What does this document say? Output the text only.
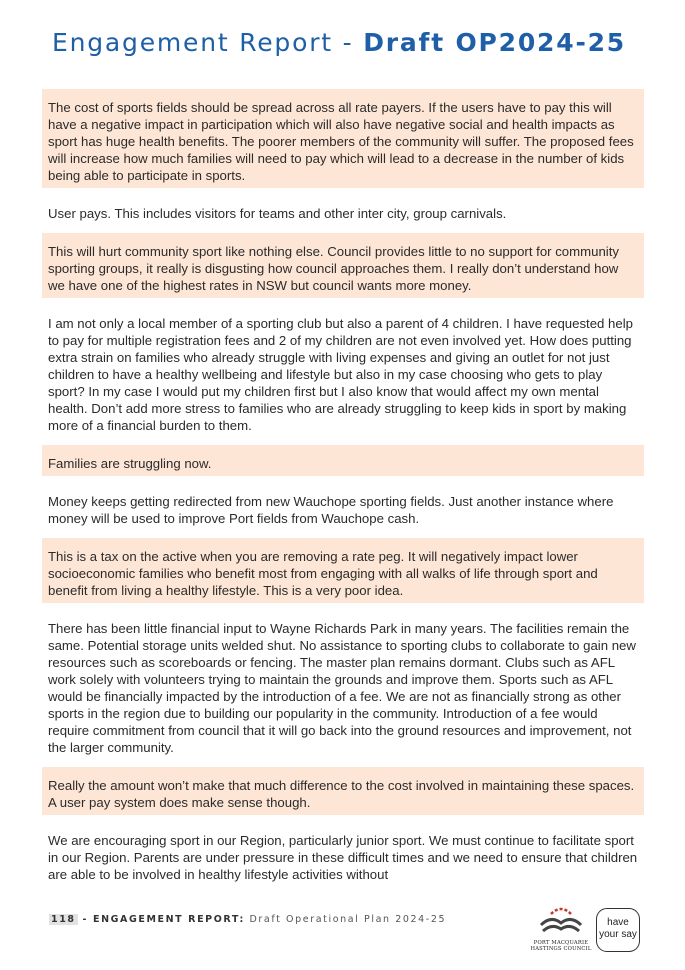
Engagement Report - Draft OP2024-25
The cost of sports fields should be spread across all rate payers. If the users have to pay this will have a negative impact in participation which will also have negative social and health impacts as sport has huge health benefits. The poorer members of the community will suffer. The proposed fees will increase how much families will need to pay which will lead to a decrease in the number of kids being able to participate in sports.
User pays. This includes visitors for teams and other inter city, group carnivals.
This will hurt community sport like nothing else. Council provides little to no support for community sporting groups, it really is disgusting how council approaches them. I really don’t understand how we have one of the highest rates in NSW but council wants more money.
I am not only a local member of a sporting club but also a parent of 4 children. I have requested help to pay for multiple registration fees and 2 of my children are not even involved yet. How does putting extra strain on families who already struggle with living expenses and giving an outlet for not just children to have a healthy wellbeing and lifestyle but also in my case choosing who gets to play sport? In my case I would put my children first but I also know that would affect my own mental health. Don’t add more stress to families who are already struggling to keep kids in sport by making more of a financial burden to them.
Families are struggling now.
Money keeps getting redirected from new Wauchope sporting fields. Just another instance where money will be used to improve Port fields from Wauchope cash.
This is a tax on the active when you are removing a rate peg. It will negatively impact lower socioeconomic families who benefit most from engaging with all walks of life through sport and benefit from living a healthy lifestyle. This is a very poor idea.
There has been little financial input to Wayne Richards Park in many years. The facilities remain the same. Potential storage units welded shut. No assistance to sporting clubs to collaborate to gain new resources such as scoreboards or fencing. The master plan remains dormant. Clubs such as AFL work solely with volunteers trying to maintain the grounds and improve them. Sports such as AFL would be financially impacted by the introduction of a fee. We are not as financially strong as other sports in the region due to building our popularity in the community. Introduction of a fee would require commitment from council that it will go back into the ground resources and improvement, not the larger community.
Really the amount won’t make that much difference to the cost involved in maintaining these spaces. A user pay system does make sense though.
We are encouraging sport in our Region, particularly junior sport. We must continue to facilitate sport in our Region. Parents are under pressure in these difficult times and we need to ensure that children are able to be involved in healthy lifestyle activities without
118 - ENGAGEMENT REPORT: Draft Operational Plan 2024-25
PORT MACQUARIE
HASTINGS COUNCIL
have
your say
